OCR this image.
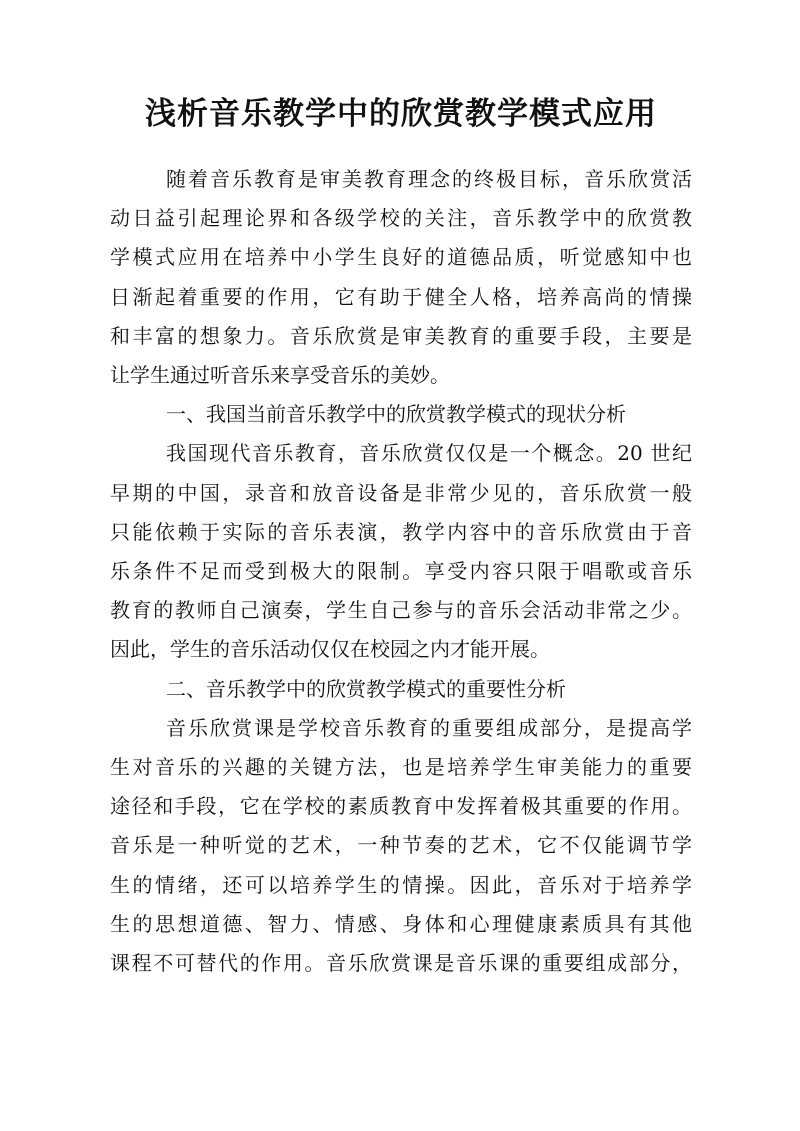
浅析音乐教学中的欣赏教学模式应用
随着音乐教育是审美教育理念的终极目标，音乐欣赏活
动日益引起理论界和各级学校的关注，音乐教学中的欣赏教
学模式应用在培养中小学生良好的道德品质，听觉感知中也
日渐起着重要的作用，它有助于健全人格，培养高尚的情操
和丰富的想象力。音乐欣赏是审美教育的重要手段，主要是
让学生通过听音乐来享受音乐的美妙。
一、我国当前音乐教学中的欣赏教学模式的现状分析
我国现代音乐教育，音乐欣赏仅仅是一个概念。20 世纪
早期的中国，录音和放音设备是非常少见的，音乐欣赏一般
只能依赖于实际的音乐表演，教学内容中的音乐欣赏由于音
乐条件不足而受到极大的限制。享受内容只限于唱歌或音乐
教育的教师自己演奏，学生自己参与的音乐会活动非常之少。
因此，学生的音乐活动仅仅在校园之内才能开展。
二、音乐教学中的欣赏教学模式的重要性分析
音乐欣赏课是学校音乐教育的重要组成部分，是提高学
生对音乐的兴趣的关键方法，也是培养学生审美能力的重要
途径和手段，它在学校的素质教育中发挥着极其重要的作用。
音乐是一种听觉的艺术，一种节奏的艺术，它不仅能调节学
生的情绪，还可以培养学生的情操。因此，音乐对于培养学
生的思想道德、智力、情感、身体和心理健康素质具有其他
课程不可替代的作用。音乐欣赏课是音乐课的重要组成部分，
